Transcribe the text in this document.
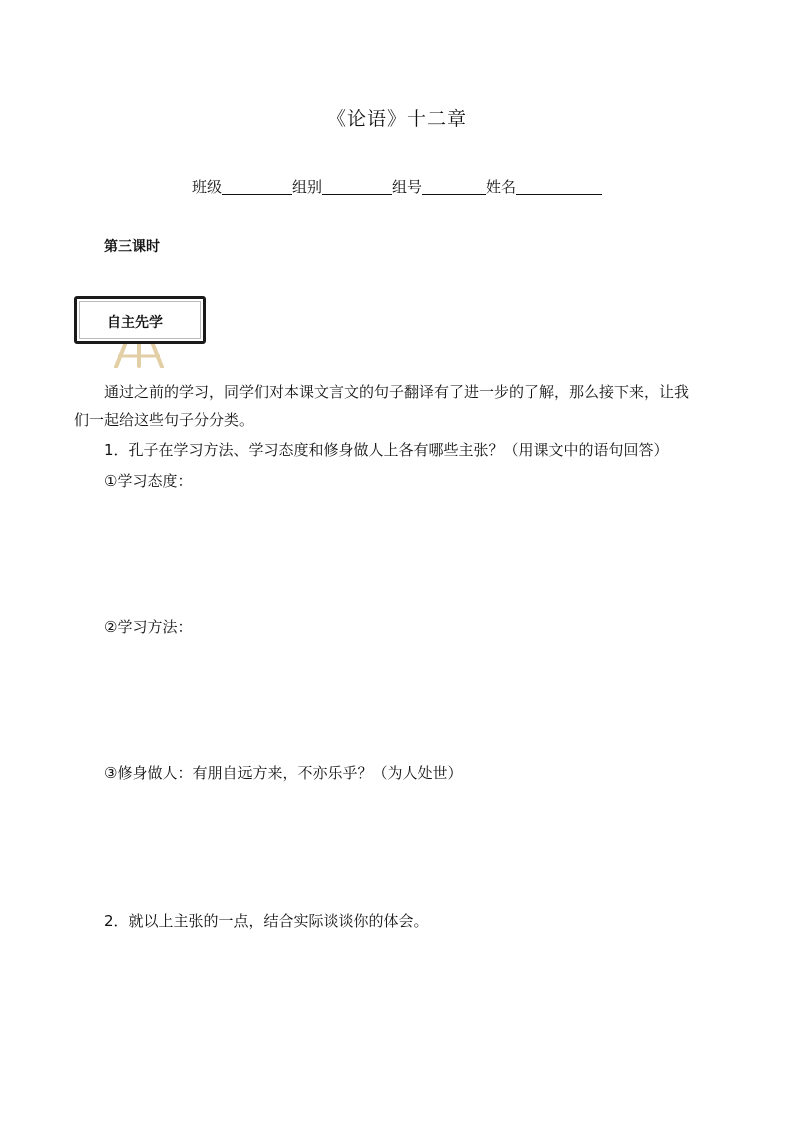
《论语》十二章
班级	组别	组号	姓名
第三课时
自主先学
通过之前的学习，同学们对本课文言文的句子翻译有了进一步的了解，那么接下来，让我
们一起给这些句子分分类。
1．孔子在学习方法、学习态度和修身做人上各有哪些主张？（用课文中的语句回答）
①学习态度：
②学习方法：
③修身做人：有朋自远方来，不亦乐乎？（为人处世）
2．就以上主张的一点，结合实际谈谈你的体会。
